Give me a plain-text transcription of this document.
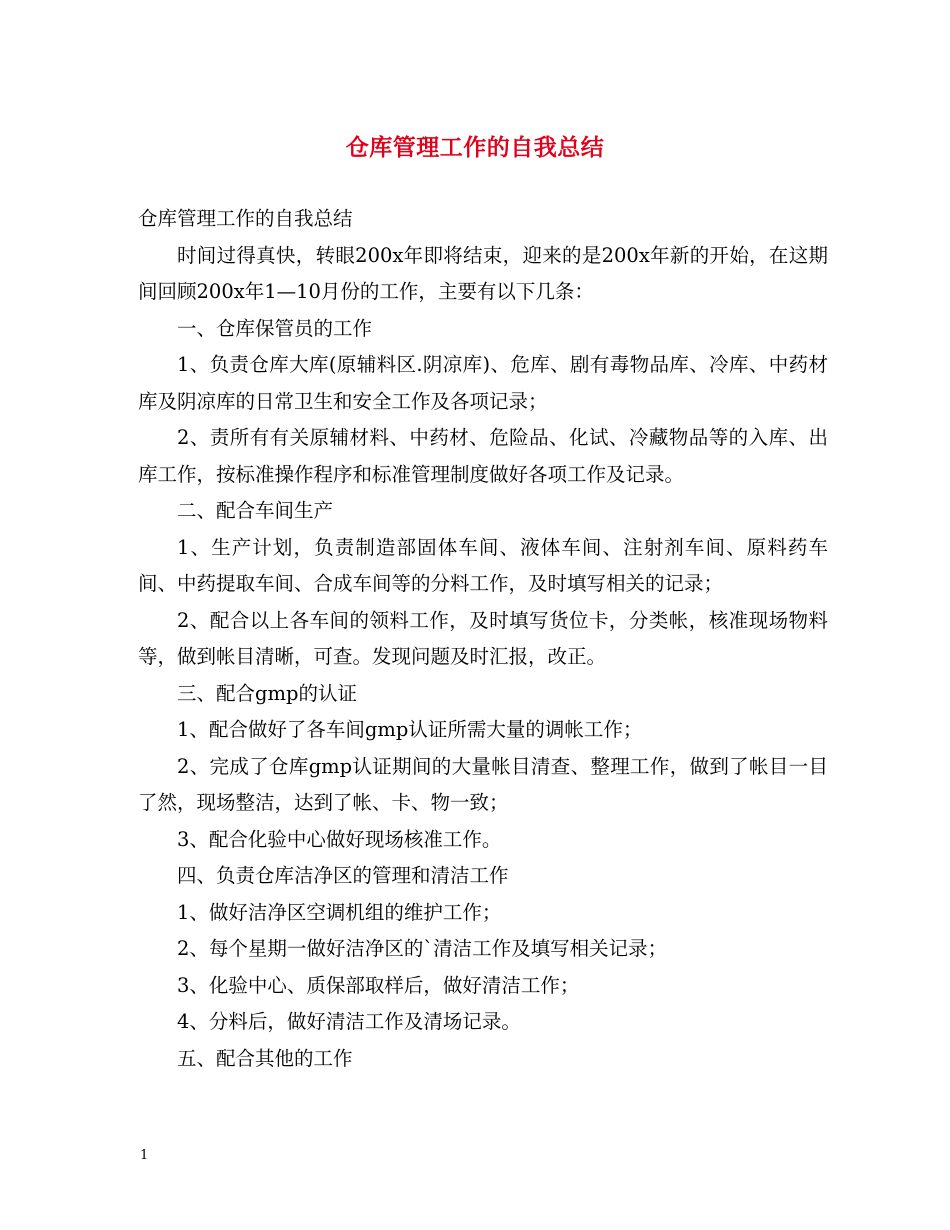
仓库管理工作的自我总结

仓库管理工作的自我总结

时间过得真快，转眼200x年即将结束，迎来的是200x年新的开始，在这期间回顾200x年1—10月份的工作，主要有以下几条：

一、仓库保管员的工作

1、负责仓库大库(原辅料区.阴凉库)、危库、剧有毒物品库、冷库、中药材库及阴凉库的日常卫生和安全工作及各项记录；

2、责所有有关原辅材料、中药材、危险品、化试、冷藏物品等的入库、出库工作，按标准操作程序和标准管理制度做好各项工作及记录。

二、配合车间生产

1、生产计划，负责制造部固体车间、液体车间、注射剂车间、原料药车间、中药提取车间、合成车间等的分料工作，及时填写相关的记录；

2、配合以上各车间的领料工作，及时填写货位卡，分类帐，核准现场物料等，做到帐目清晰，可查。发现问题及时汇报，改正。

三、配合gmp的认证

1、配合做好了各车间gmp认证所需大量的调帐工作；

2、完成了仓库gmp认证期间的大量帐目清查、整理工作，做到了帐目一目了然，现场整洁，达到了帐、卡、物一致；

3、配合化验中心做好现场核准工作。

四、负责仓库洁净区的管理和清洁工作

1、做好洁净区空调机组的维护工作；

2、每个星期一做好洁净区的`清洁工作及填写相关记录；

3、化验中心、质保部取样后，做好清洁工作；

4、分料后，做好清洁工作及清场记录。

五、配合其他的工作

1
